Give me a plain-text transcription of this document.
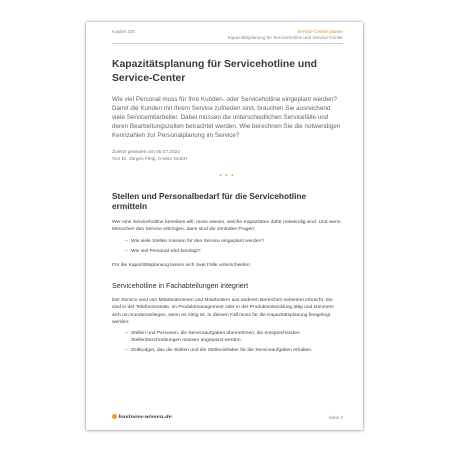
Kapitel 230	Service-Center planen
Kapazitätsplanung für Servicehotline und Service-Center
Kapazitätsplanung für Servicehotline und Service-Center

Wie viel Personal muss für Ihre Kunden- oder Servicehotline eingeplant werden? Damit die Kunden mit Ihrem Service zufrieden sind, brauchen Sie ausreichend viele Servicemitarbeiter. Dabei müssen die unterschiedlichen Servicefälle und deren Bearbeitungszeiten betrachtet werden. Wie berechnen Sie die notwendigen Kennzahlen zur Personalplanung im Service?

Zuletzt geändert am 05.07.2022
Von Dr. Jürgen Fleig, b-wise GmbH
• • •
Stellen und Personalbedarf für die Servicehotline ermitteln

Wer eine Servicehotline betreiben will, muss wissen, welche Kapazitäten dafür notwendig sind. Und wenn Menschen den Service erbringen, dann sind die zentralen Fragen:

– Wie viele Stellen müssen für den Service eingeplant werden?
– Wie viel Personal wird benötigt?

Für die Kapazitätsplanung lassen sich zwei Fälle unterscheiden:

Servicehotline in Fachabteilungen integriert

Der Service wird von Mitarbeiterinnen und Mitarbeitern aus anderen Bereichen nebenbei erbracht. Sie sind in der Telefonzentrale, im Produktmanagement oder in der Produktentwicklung tätig und kümmern sich um Kundenanliegen, wenn es nötig ist. In diesem Fall muss für die Kapazitätsplanung festgelegt werden:

– Stellen und Personen, die Serviceaufgaben übernehmen; die entsprechenden Stellenbeschreibungen müssen angepasst werden.
– Zeitbudget, das die Stellen und die Stelleninhaber für die Serviceaufgaben erhalten.
business-wissen.de	Seite 2
